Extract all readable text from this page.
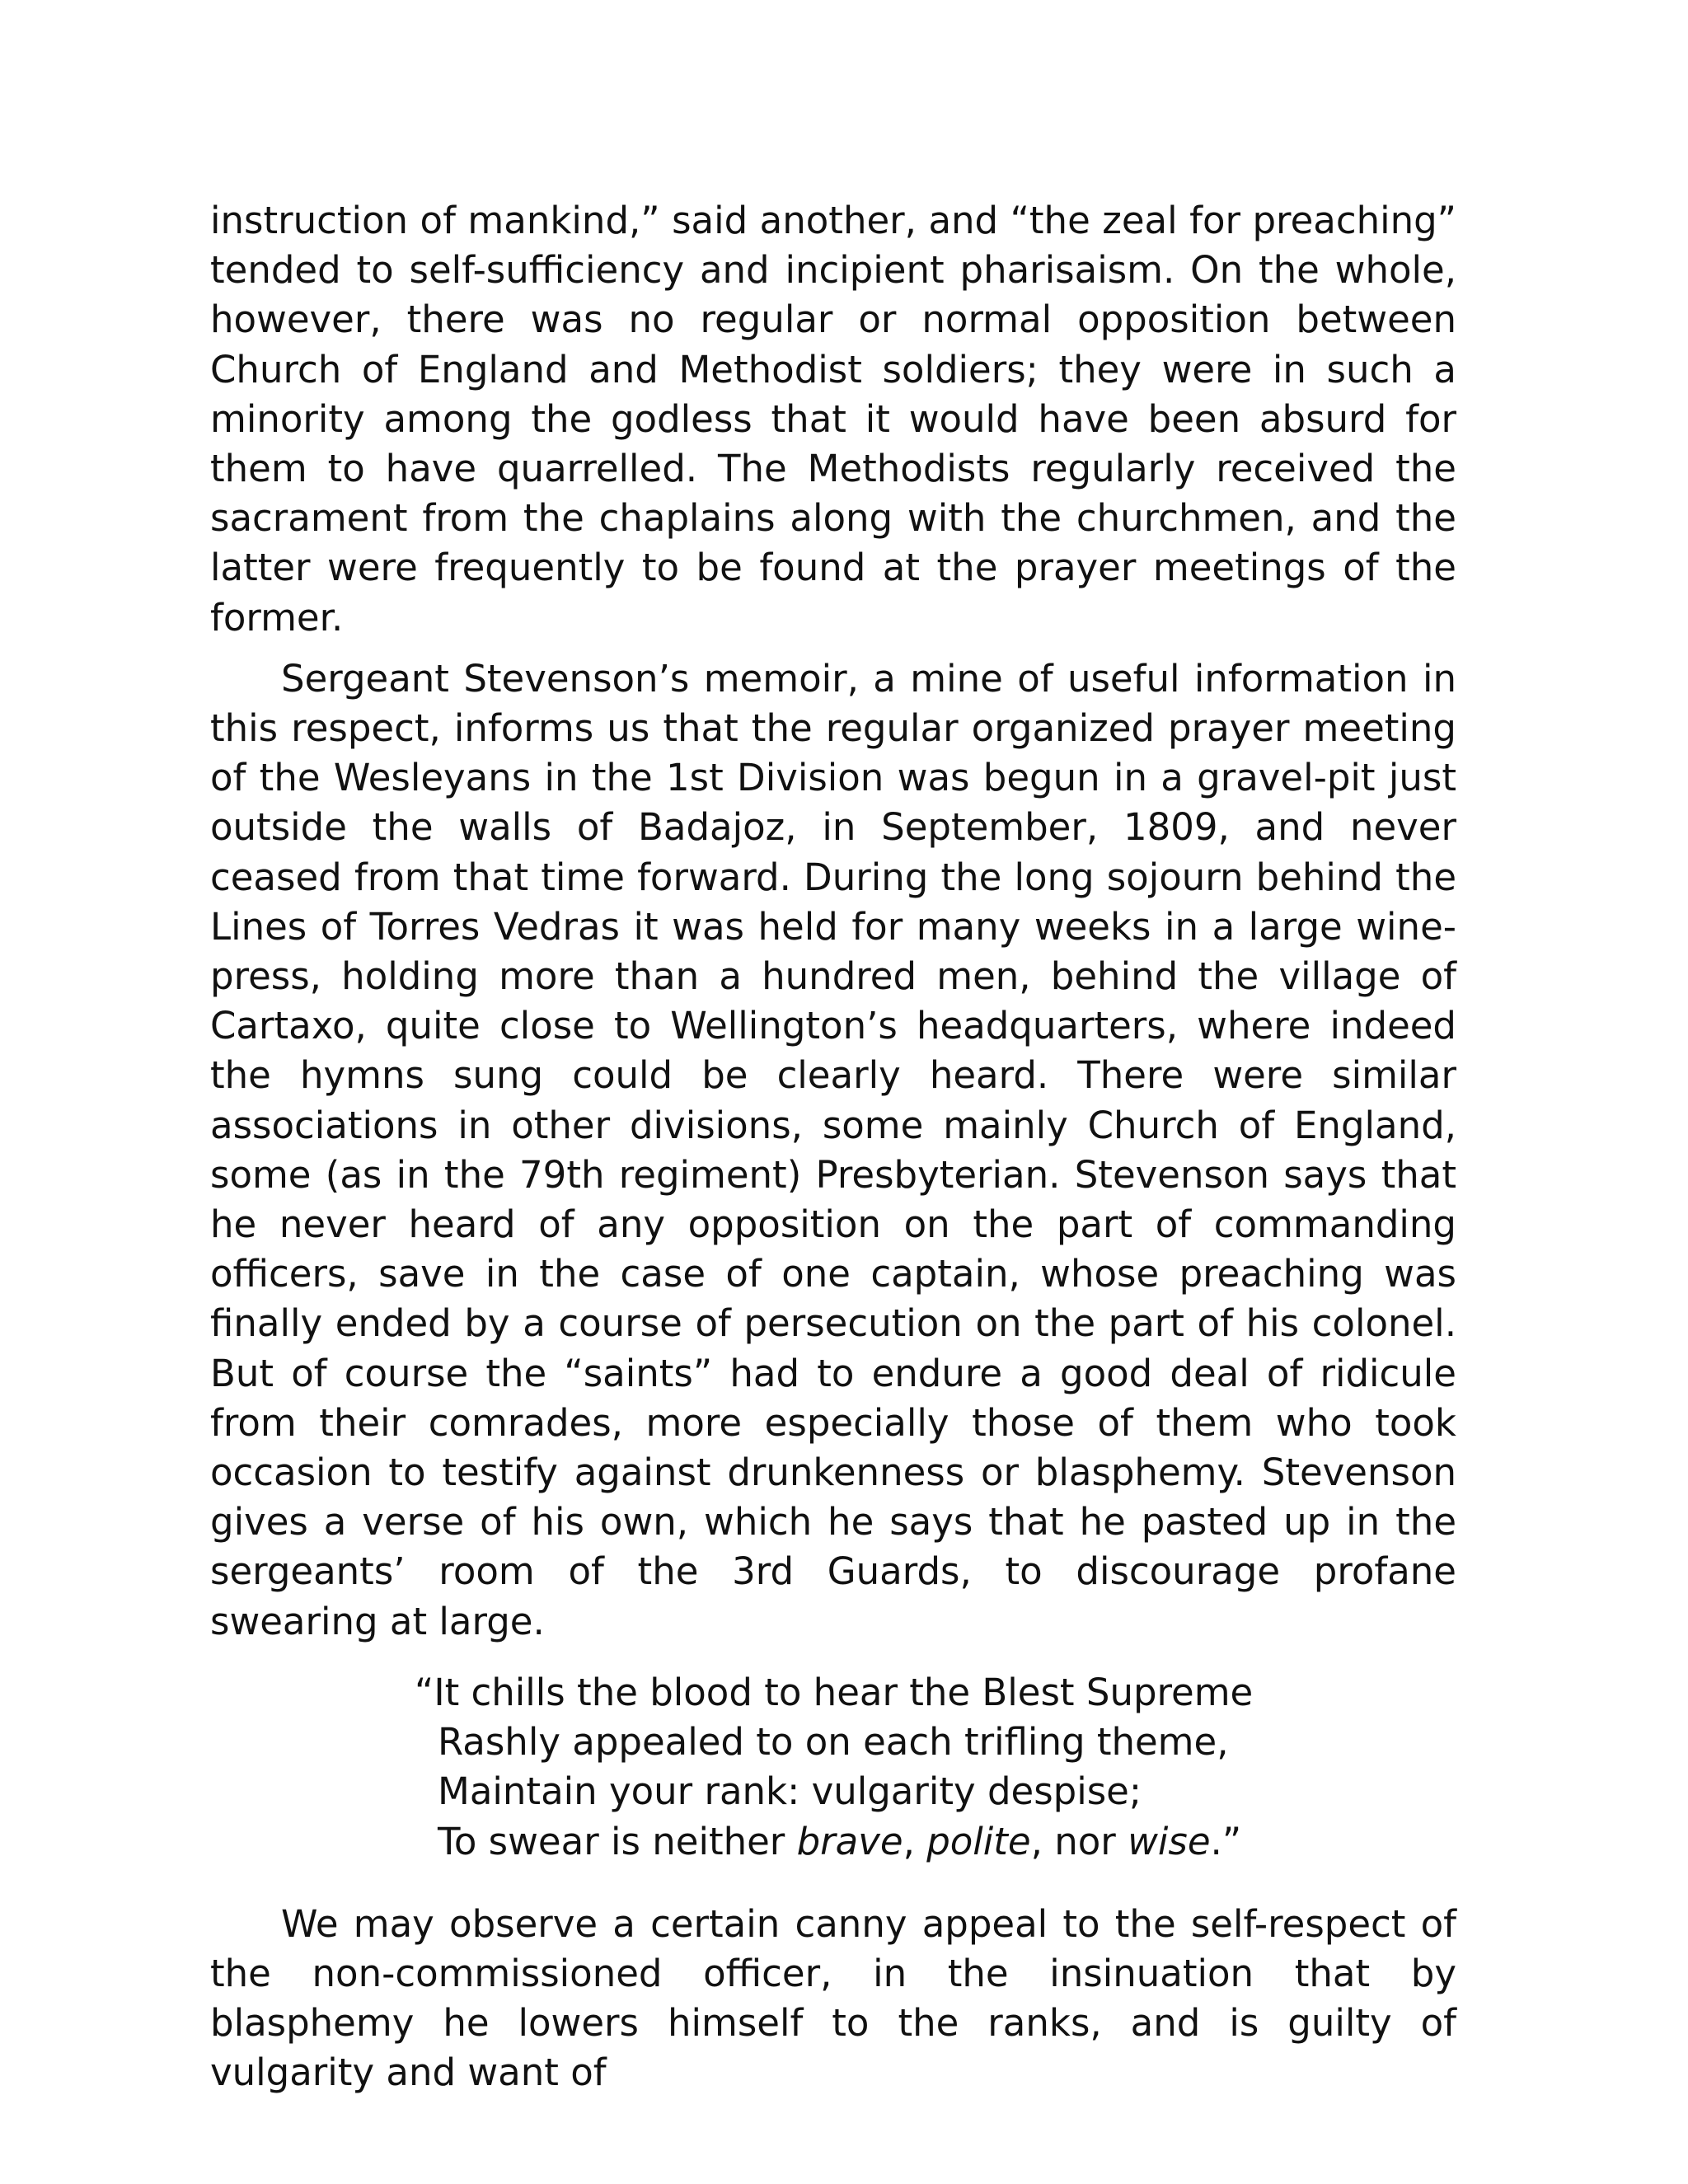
instruction of mankind,” said another, and “the zeal for preaching” tended to self-sufficiency and incipient pharisaism. On the whole, however, there was no regular or normal opposition between Church of England and Methodist soldiers; they were in such a minority among the godless that it would have been absurd for them to have quarrelled. The Methodists regularly received the sacrament from the chaplains along with the churchmen, and the latter were frequently to be found at the prayer meetings of the former.

Sergeant Stevenson’s memoir, a mine of useful information in this respect, informs us that the regular organized prayer meeting of the Wesleyans in the 1st Division was begun in a gravel-pit just outside the walls of Badajoz, in September, 1809, and never ceased from that time forward. During the long sojourn behind the Lines of Torres Vedras it was held for many weeks in a large wine-press, holding more than a hundred men, behind the village of Cartaxo, quite close to Wellington’s headquarters, where indeed the hymns sung could be clearly heard. There were similar associations in other divisions, some mainly Church of England, some (as in the 79th regiment) Presbyterian. Stevenson says that he never heard of any opposition on the part of commanding officers, save in the case of one captain, whose preaching was finally ended by a course of persecution on the part of his colonel. But of course the “saints” had to endure a good deal of ridicule from their comrades, more especially those of them who took occasion to testify against drunkenness or blasphemy. Stevenson gives a verse of his own, which he says that he pasted up in the sergeants’ room of the 3rd Guards, to discourage profane swearing at large.

“It chills the blood to hear the Blest Supreme
Rashly appealed to on each trifling theme,
Maintain your rank: vulgarity despise;
To swear is neither brave, polite, nor wise.”

We may observe a certain canny appeal to the self-respect of the non-commissioned officer, in the insinuation that by blasphemy he lowers himself to the ranks, and is guilty of vulgarity and want of
